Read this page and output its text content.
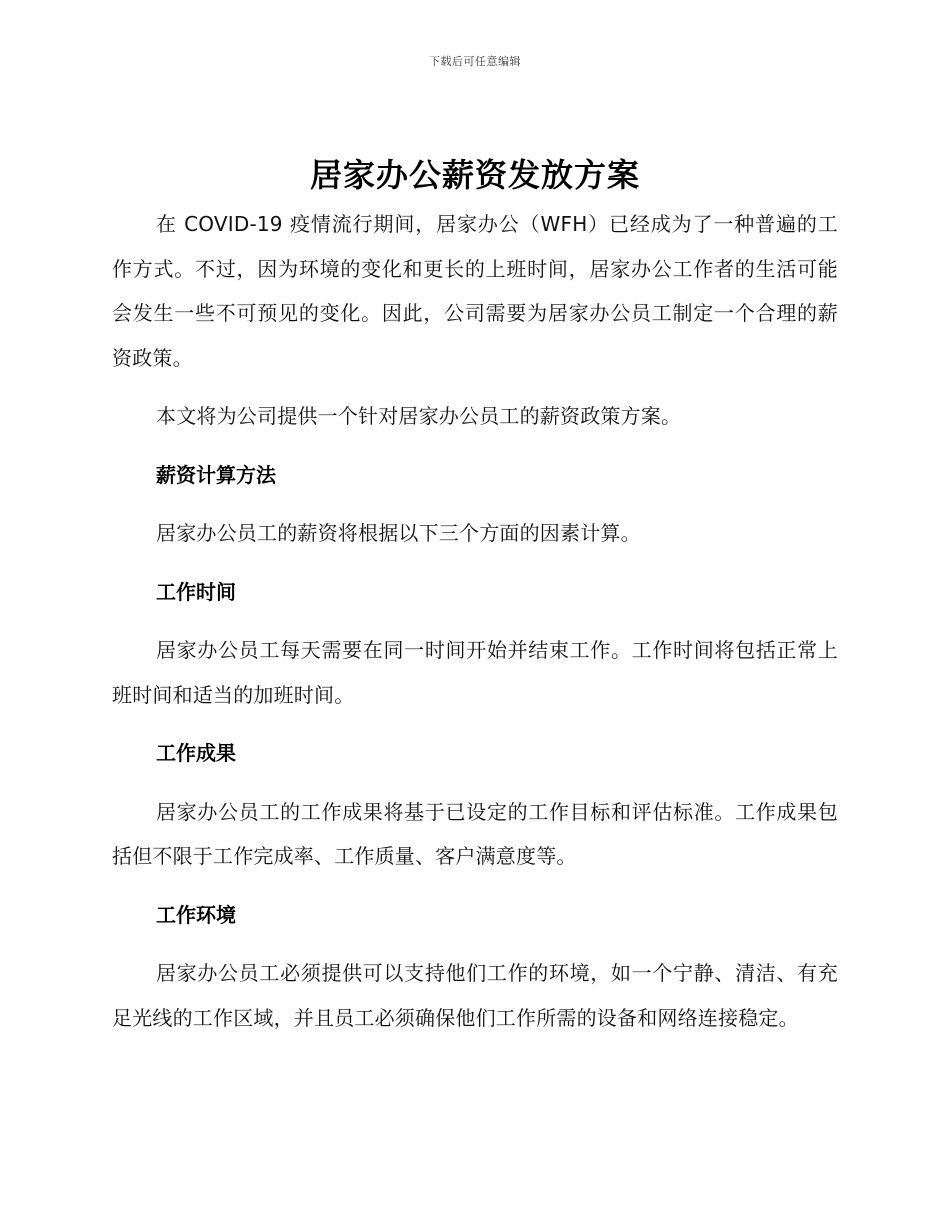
下载后可任意编辑
居家办公薪资发放方案

在 COVID-19 疫情流行期间，居家办公（WFH）已经成为了一种普遍的工作方式。不过，因为环境的变化和更长的上班时间，居家办公工作者的生活可能会发生一些不可预见的变化。因此，公司需要为居家办公员工制定一个合理的薪资政策。

本文将为公司提供一个针对居家办公员工的薪资政策方案。

薪资计算方法

居家办公员工的薪资将根据以下三个方面的因素计算。

工作时间

居家办公员工每天需要在同一时间开始并结束工作。工作时间将包括正常上班时间和适当的加班时间。

工作成果

居家办公员工的工作成果将基于已设定的工作目标和评估标准。工作成果包括但不限于工作完成率、工作质量、客户满意度等。

工作环境

居家办公员工必须提供可以支持他们工作的环境，如一个宁静、清洁、有充足光线的工作区域，并且员工必须确保他们工作所需的设备和网络连接稳定。
